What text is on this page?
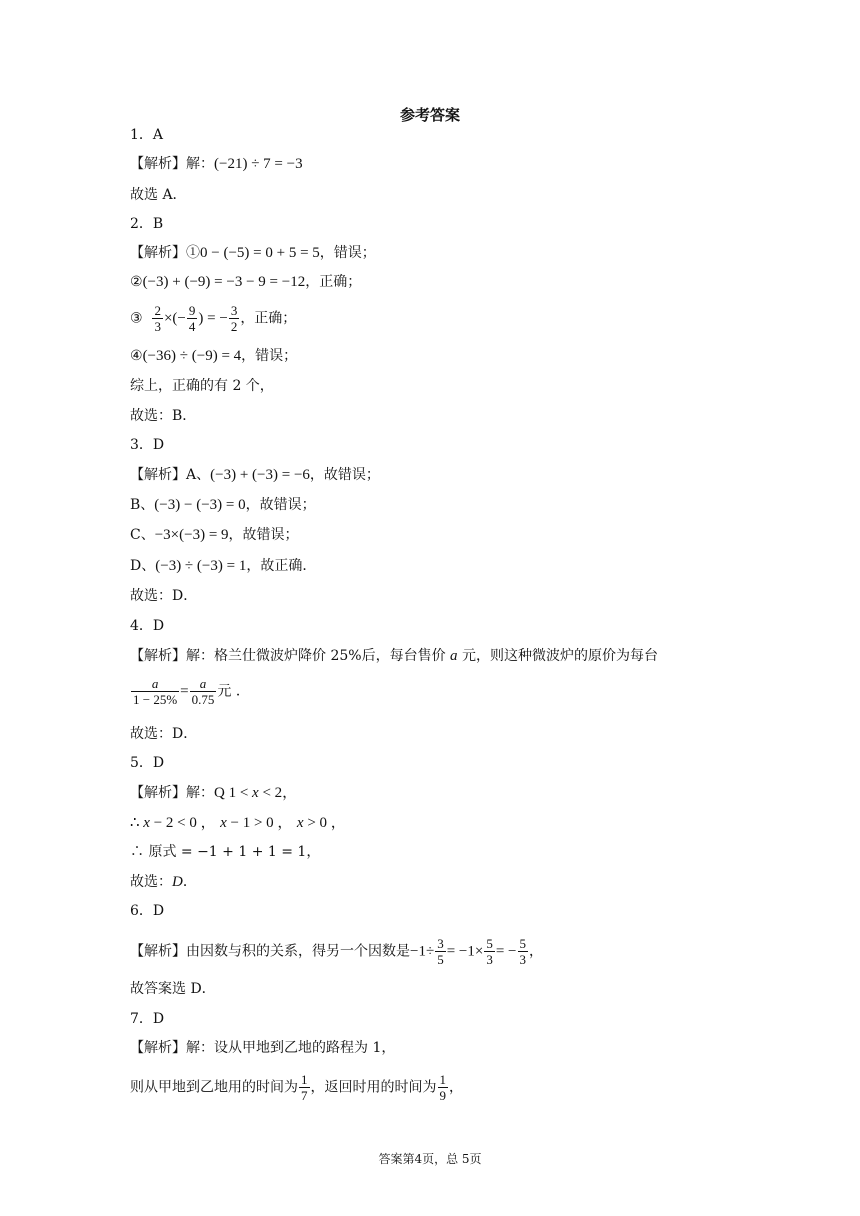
参考答案
1．A
【解析】解：(−21) ÷ 7 = −3
故选 A．
2．B
【解析】①0 − (−5) = 0 + 5 = 5，错误；
②(−3) + (−9) = −3 − 9 = −12，正确；
③ $\frac{2}{3}$ ×(− $\frac{9}{4}$ ) = − $\frac{3}{2}$ ，正确；
④(−36) ÷ (−9) = 4，错误；
综上，正确的有 2 个，
故选：B．
3．D
【解析】A、(−3) + (−3) = −6，故错误；
B、(−3) − (−3) = 0，故错误；
C、−3×(−3) = 9，故错误；
D、(−3) ÷ (−3) = 1，故正确．
故选：D．
4．D
【解析】解：格兰仕微波炉降价 25%后，每台售价 a 元，则这种微波炉的原价为每台
$\frac{a}{1 - 25\%} = \frac{a}{0.75}$ 元 ．
故选：D．
5．D
【解析】解：Q 1 < x < 2，
∴ x − 2 < 0 ， x − 1 > 0 ， x > 0 ，
∴ 原式 = −1 + 1 + 1 = 1，
故选：D．
6．D
【解析】由因数与积的关系，得另一个因数是$-1\div \frac{3}{5} = -1\times \frac{5}{3}$ = − $\frac{5}{3}$ ，
故答案选 D．
7．D
【解析】解：设从甲地到乙地的路程为 1，
则从甲地到乙地用的时间为 $\frac{1}{7}$ ，返回时用的时间为 $\frac{1}{9}$ ，
答案第4页，总 5页
